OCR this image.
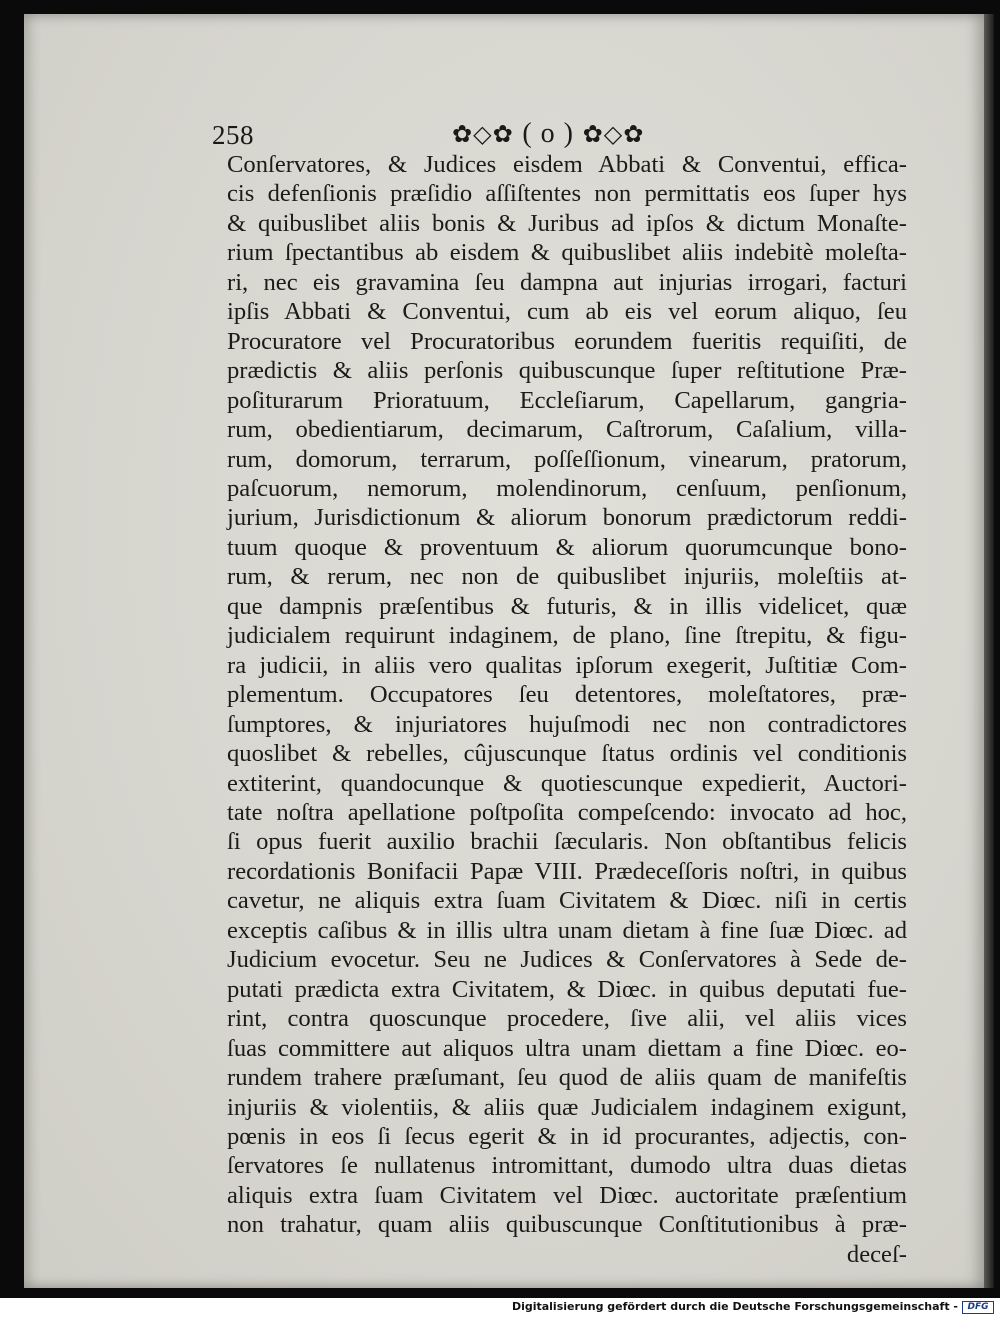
258	✿◇✿ ( o ) ✿◇✿
Conſervatores, & Judices eisdem Abbati & Conventui, effica-
cis defenſionis præſidio aſſiſtentes non permittatis eos ſuper hys
& quibuslibet aliis bonis & Juribus ad ipſos & dictum Monaſte-
rium ſpectantibus ab eisdem & quibuslibet aliis indebitè moleſta-
ri, nec eis gravamina ſeu dampna aut injurias irrogari, facturi
ipſis Abbati & Conventui, cum ab eis vel eorum aliquo, ſeu
Procuratore vel Procuratoribus eorundem fueritis requiſiti, de
prædictis & aliis perſonis quibuscunque ſuper reſtitutione Præ-
poſiturarum Prioratuum, Eccleſiarum, Capellarum, gangria-
rum, obedientiarum, decimarum, Caſtrorum, Caſalium, villa-
rum, domorum, terrarum, poſſeſſionum, vinearum, pratorum,
paſcuorum, nemorum, molendinorum, cenſuum, penſionum,
jurium, Jurisdictionum & aliorum bonorum prædictorum reddi-
tuum quoque & proventuum & aliorum quorumcunque bono-
rum, & rerum, nec non de quibuslibet injuriis, moleſtiis at-
que dampnis præſentibus & futuris, & in illis videlicet, quæ
judicialem requirunt indaginem, de plano, ſine ſtrepitu, & figu-
ra judicii, in aliis vero qualitas ipſorum exegerit, Juſtitiæ Com-
plementum. Occupatores ſeu detentores, moleſtatores, præ-
ſumptores, & injuriatores hujuſmodi nec non contradictores
quoslibet & rebelles, cûjuscunque ſtatus ordinis vel conditionis
extiterint, quandocunque & quotiescunque expedierit, Auctori-
tate noſtra apellatione poſtpoſita compeſcendo: invocato ad hoc,
ſi opus fuerit auxilio brachii ſæcularis. Non obſtantibus felicis
recordationis Bonifacii Papæ VIII. Prædeceſſoris noſtri, in quibus
cavetur, ne aliquis extra ſuam Civitatem & Diœc. niſi in certis
exceptis caſibus & in illis ultra unam dietam à fine ſuæ Diœc. ad
Judicium evocetur. Seu ne Judices & Conſervatores à Sede de-
putati prædicta extra Civitatem, & Diœc. in quibus deputati fue-
rint, contra quoscunque procedere, ſive alii, vel aliis vices
ſuas committere aut aliquos ultra unam diettam a fine Diœc. eo-
rundem trahere præſumant, ſeu quod de aliis quam de manifeſtis
injuriis & violentiis, & aliis quæ Judicialem indaginem exigunt,
pœnis in eos ſi ſecus egerit & in id procurantes, adjectis, con-
ſervatores ſe nullatenus intromittant, dumodo ultra duas dietas
aliquis extra ſuam Civitatem vel Diœc. auctoritate præſentium
non trahatur, quam aliis quibuscunque Conſtitutionibus à præ-
deceſ-
Digitalisierung gefördert durch die Deutsche Forschungsgemeinschaft -	DFG
